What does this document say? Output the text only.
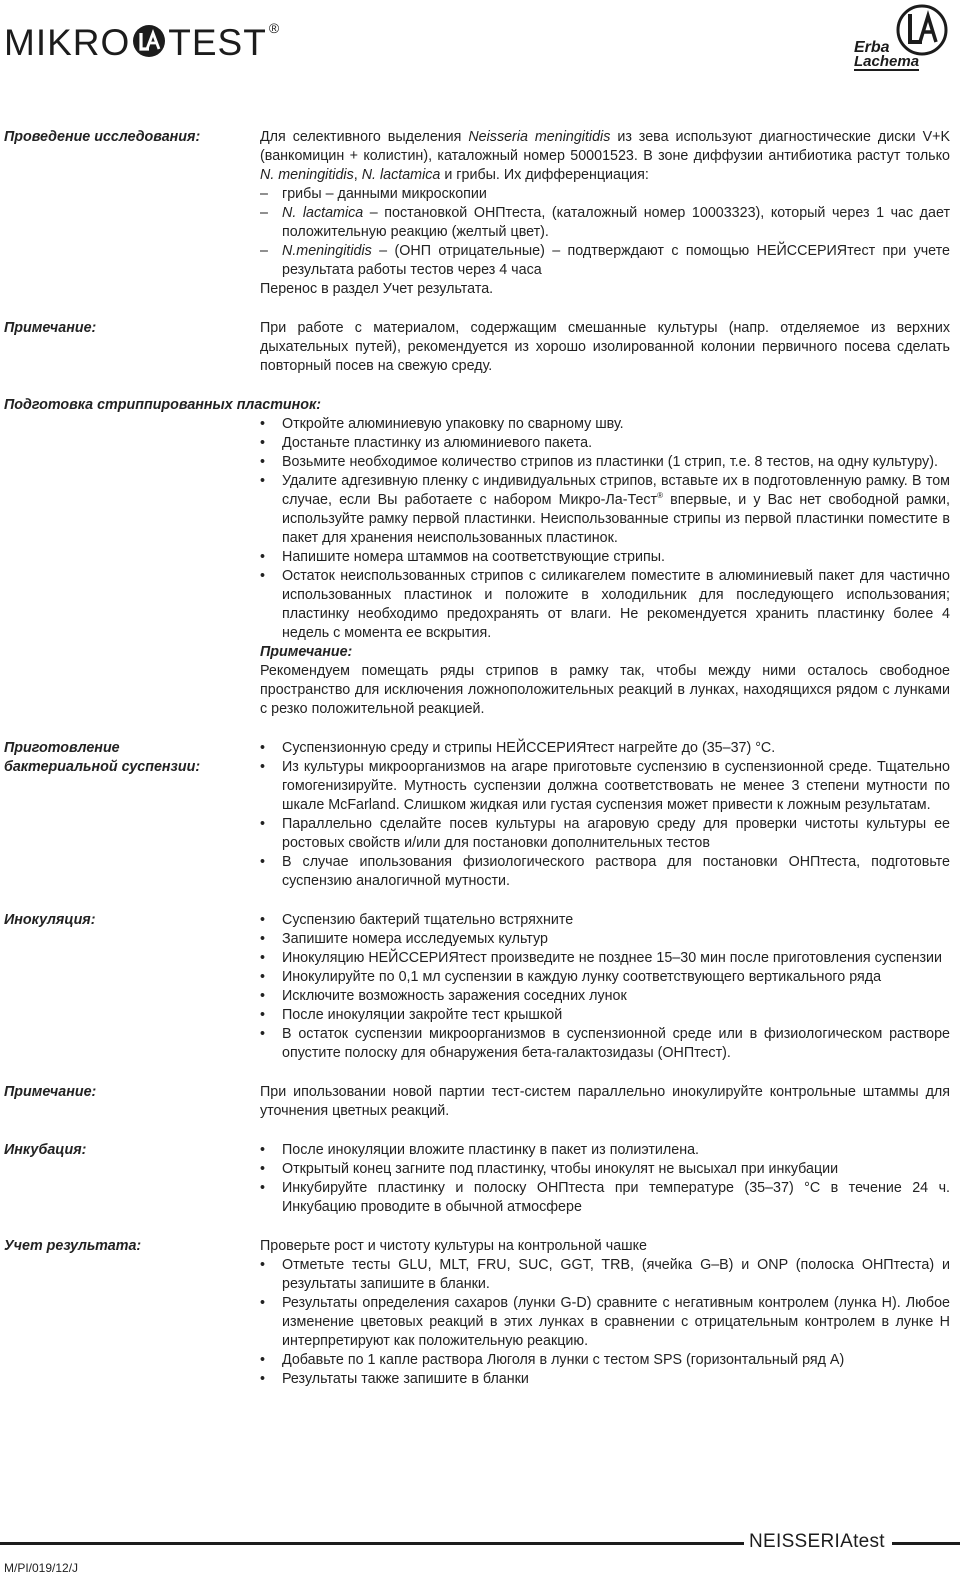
MIKRO TEST ®
Erba
Lachema
Проведение исследования:	Для селективного выделения Neisseria meningitidis из зева используют диагностические диски V+K (ванкомицин + колистин), каталожный номер 50001523. В зоне диффузии антибиотика растут только N. meningitidis, N. lactamica и грибы. Их дифференциация:

– грибы – данными микроскопии
– N. lactamica – постановкой ОНПтеста, (каталожный номер 10003323), который через 1 час дает положительную реакцию (желтый цвет).
– N.meningitidis – (ОНП отрицательные) – подтверждают с помощью НЕЙССЕРИЯтест при учете результата работы тестов через 4 часа

Перенос в раздел Учет результата.

Примечание:	При работе с материалом, содержащим смешанные культуры (напр. отделяемое из верхних дыхательных путей), рекомендуется из хорошо изолированной колонии первичного посева сделать повторный посев на свежую среду.

Подготовка стриппированных пластинок:
•	Откройте алюминиевую упаковку по сварному шву.
•	Достаньте пластинку из алюминиевого пакета.
•	Возьмите необходимое количество стрипов из пластинки (1 стрип, т.е. 8 тестов, на одну культуру).
•	Удалите адгезивную пленку с индивидуальных стрипов, вставьте их в подготовленную рамку. В том случае, если Вы работаете с набором Микро-Ла-Тест® впервые, и у Вас нет свободной рамки, используйте рамку первой пластинки. Неиспользованные стрипы из первой пластинки поместите в пакет для хранения неиспользованных пластинок.
•	Напишите номера штаммов на соответствующие стрипы.
•	Остаток неиспользованных стрипов с силикагелем поместите в алюминиевый пакет для частично использованных пластинок и положите в холодильник для последующего использования; пластинку необходимо предохранять от влаги. Не рекомендуется хранить пластинку более 4 недель с момента ее вскрытия.

Примечание:

Рекомендуем помещать ряды стрипов в рамку так, чтобы между ними осталось свободное пространство для исключения ложноположительных реакций в лунках, находящихся рядом с лунками с резко положительной реакцией.

Приготовление
бактериальной суспензии:
•	Суспензионную среду и стрипы НЕЙССЕРИЯтест нагрейте до (35–37) °C.
•	Из культуры микроорганизмов на агаре приготовьте суспензию в суспензионной среде. Тщательно гомогенизируйте. Мутность суспензии должна соответствовать не менее 3 степени мутности по шкале McFarland. Слишком жидкая или густая суспензия может привести к ложным результатам.
•	Параллельно сделайте посев культуры на агаровую среду для проверки чистоты культуры ее ростовых свойств и/или для постановки дополнительных тестов
•	В случае ипользования физиологического раствора для постановки ОНПтеста, подготовьте суспензию аналогичной мутности.
Инокуляция:	•	Суспензию бактерий тщательно встряхните
•	Запишите номера исследуемых культур
•	Инокуляцию НЕЙССЕРИЯтест произведите не позднее 15–30 мин после приготовления суспензии
•	Инокулируйте по 0,1 мл суспензии в каждую лунку соответствующего вертикального ряда
•	Исключите возможность заражения соседних лунок
•	После инокуляции закройте тест крышкой
•	В остаток суспензии микроорганизмов в суспензионной среде или в физиологическом растворе опустите полоску для обнаружения бета-галактозидазы (ОНПтест).
Примечание:	При ипользовании новой партии тест-систем параллельно инокулируйте контрольные штаммы для уточнения цветных реакций.

Инкубация:	•	После инокуляции вложите пластинку в пакет из полиэтилена.
•	Открытый конец загните под пластинку, чтобы инокулят не высыхал при инкубации
•	Инкубируйте пластинку и полоску ОНПтеста при температуре (35–37) °C в течение 24 ч. Инкубацию проводите в обычной атмосфере
Учет результата:	Проверьте рост и чистоту культуры на контрольной чашке

•	Отметьте тесты GLU, MLT, FRU, SUC, GGT, TRB, (ячейка G–B) и ONP (полоска ОНПтеста) и результаты запишите в бланки.
•	Результаты определения сахаров (лунки G-D) сравните с негативным контролем (лунка H). Любое изменение цветовых реакций в этих лунках в сравнении с отрицательным контролем в лунке H интерпретируют как положительную реакцию.
•	Добавьте по 1 капле раствора Люголя в лунки с тестом SPS (горизонтальный ряд A)
•	Результаты также запишите в бланки
NEISSERIAtest
M/PI/019/12/J
